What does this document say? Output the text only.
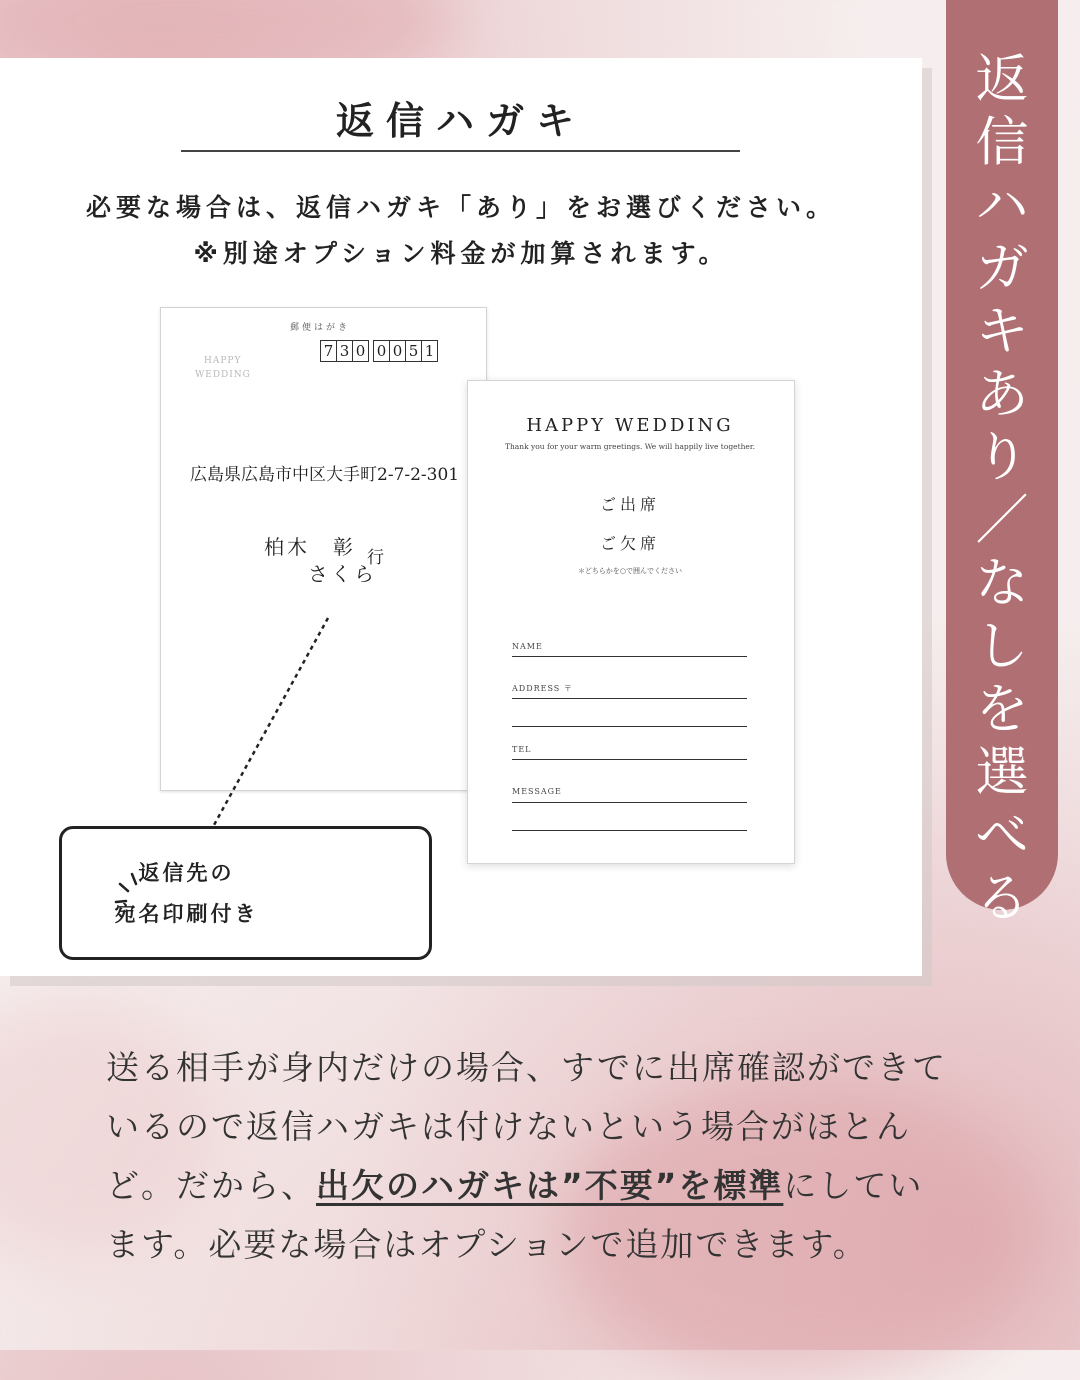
返信ハガキ
必要な場合は、返信ハガキ「あり」をお選びください。
※別途オプション料金が加算されます。
郵便はがき
7 3 0 0 0 5 1
HAPPY
WEDDING
広島県広島市中区大手町2-7-2-301
柏木　彰
さくら
行
HAPPY WEDDING
Thank you for your warm greetings. We will happily live together.
ご出席
ご欠席
＊どちらかを○で囲んでください
NAME
ADDRESS 〒
TEL
MESSAGE
返信先の
宛名印刷付き
返
信
ハ
ガ
キ
あ
り
／
な
し
を
選
べ
る
送る相手が身内だけの場合、すでに出席確認ができて
いるので返信ハガキは付けないという場合がほとん
ど。だから、出欠のハガキは”不要”を標準にしてい
ます。必要な場合はオプションで追加できます。
